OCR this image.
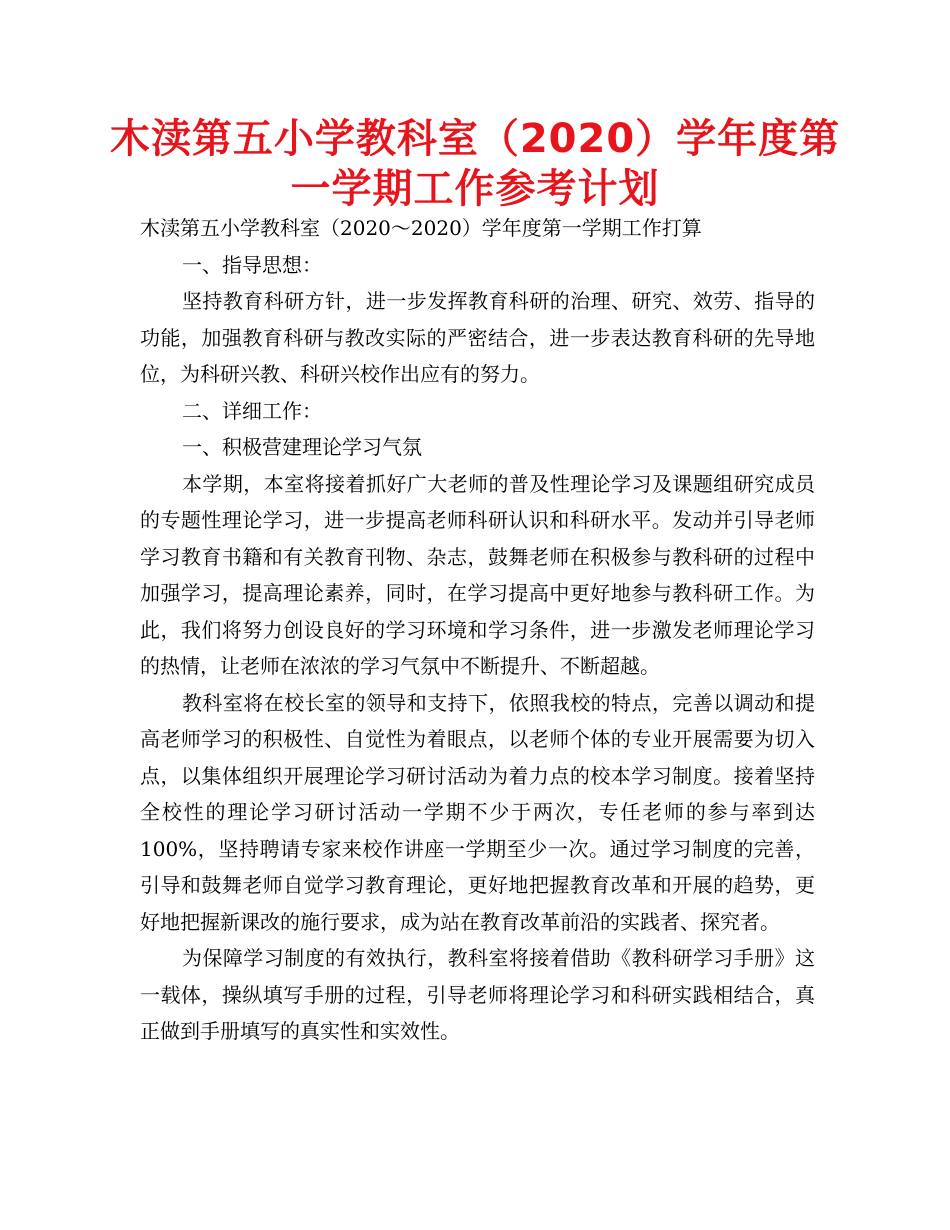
木渎第五小学教科室（2020）学年度第一学期工作参考计划

木渎第五小学教科室（2020～2020）学年度第一学期工作打算

一、指导思想：

坚持教育科研方针，进一步发挥教育科研的治理、研究、效劳、指导的功能，加强教育科研与教改实际的严密结合，进一步表达教育科研的先导地位，为科研兴教、科研兴校作出应有的努力。

二、详细工作：

一、积极营建理论学习气氛

本学期，本室将接着抓好广大老师的普及性理论学习及课题组研究成员的专题性理论学习，进一步提高老师科研认识和科研水平。发动并引导老师学习教育书籍和有关教育刊物、杂志，鼓舞老师在积极参与教科研的过程中加强学习，提高理论素养，同时，在学习提高中更好地参与教科研工作。为此，我们将努力创设良好的学习环境和学习条件，进一步激发老师理论学习的热情，让老师在浓浓的学习气氛中不断提升、不断超越。

教科室将在校长室的领导和支持下，依照我校的特点，完善以调动和提高老师学习的积极性、自觉性为着眼点，以老师个体的专业开展需要为切入点，以集体组织开展理论学习研讨活动为着力点的校本学习制度。接着坚持全校性的理论学习研讨活动一学期不少于两次，专任老师的参与率到达 100%，坚持聘请专家来校作讲座一学期至少一次。通过学习制度的完善，引导和鼓舞老师自觉学习教育理论，更好地把握教育改革和开展的趋势，更好地把握新课改的施行要求，成为站在教育改革前沿的实践者、探究者。

为保障学习制度的有效执行，教科室将接着借助《教科研学习手册》这一载体，操纵填写手册的过程，引导老师将理论学习和科研实践相结合，真正做到手册填写的真实性和实效性。
